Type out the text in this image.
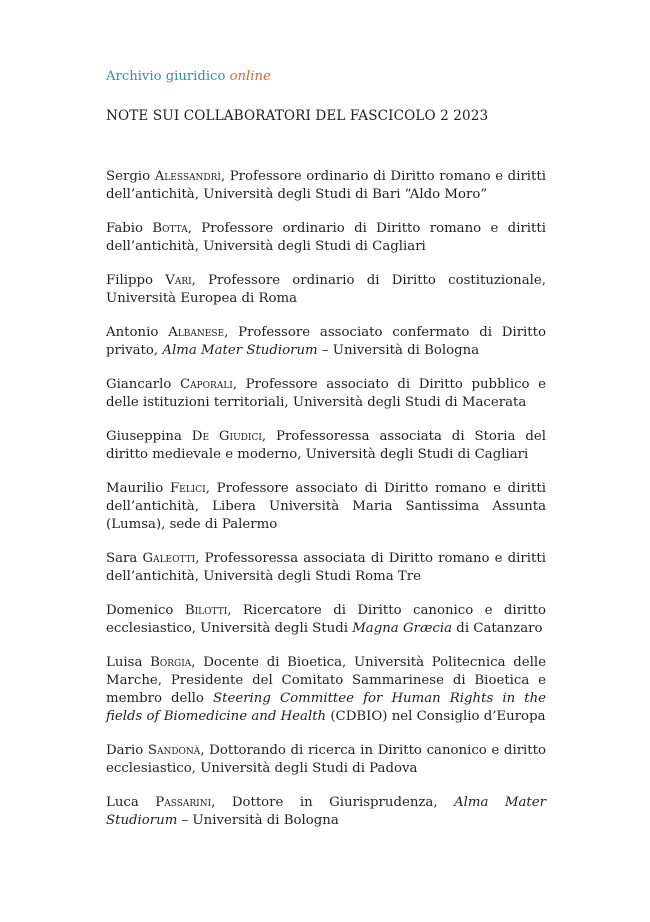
Archivio giuridico online
NOTE SUI COLLABORATORI DEL FASCICOLO 2 2023
Sergio Alessandrì, Professore ordinario di Diritto romano e diritti dell’antichità, Università degli Studi di Bari “Aldo Moro”
Fabio Botta, Professore ordinario di Diritto romano e diritti dell’antichità, Università degli Studi di Cagliari
Filippo Vari, Professore ordinario di Diritto costituzionale, Università Europea di Roma
Antonio Albanese, Professore associato confermato di Diritto privato, Alma Mater Studiorum – Università di Bologna
Giancarlo Caporali, Professore associato di Diritto pubblico e delle istituzioni territoriali, Università degli Studi di Macerata
Giuseppina De Giudici, Professoressa associata di Storia del diritto medievale e moderno, Università degli Studi di Cagliari
Maurilio Felici, Professore associato di Diritto romano e diritti dell’antichità, Libera Università Maria Santissima Assunta (Lumsa), sede di Palermo
Sara Galeotti, Professoressa associata di Diritto romano e diritti dell’antichità, Università degli Studi Roma Tre
Domenico Bilotti, Ricercatore di Diritto canonico e diritto ecclesiastico, Università degli Studi Magna Græcia di Catanzaro
Luisa Borgia, Docente di Bioetica, Università Politecnica delle Marche, Presidente del Comitato Sammarinese di Bioetica e membro dello Steering Committee for Human Rights in the fields of Biomedicine and Health (CDBIO) nel Consiglio d’Europa
Dario Sandonà, Dottorando di ricerca in Diritto canonico e diritto ecclesiastico, Università degli Studi di Padova
Luca Passarini, Dottore in Giurisprudenza, Alma Mater Studiorum – Università di Bologna
